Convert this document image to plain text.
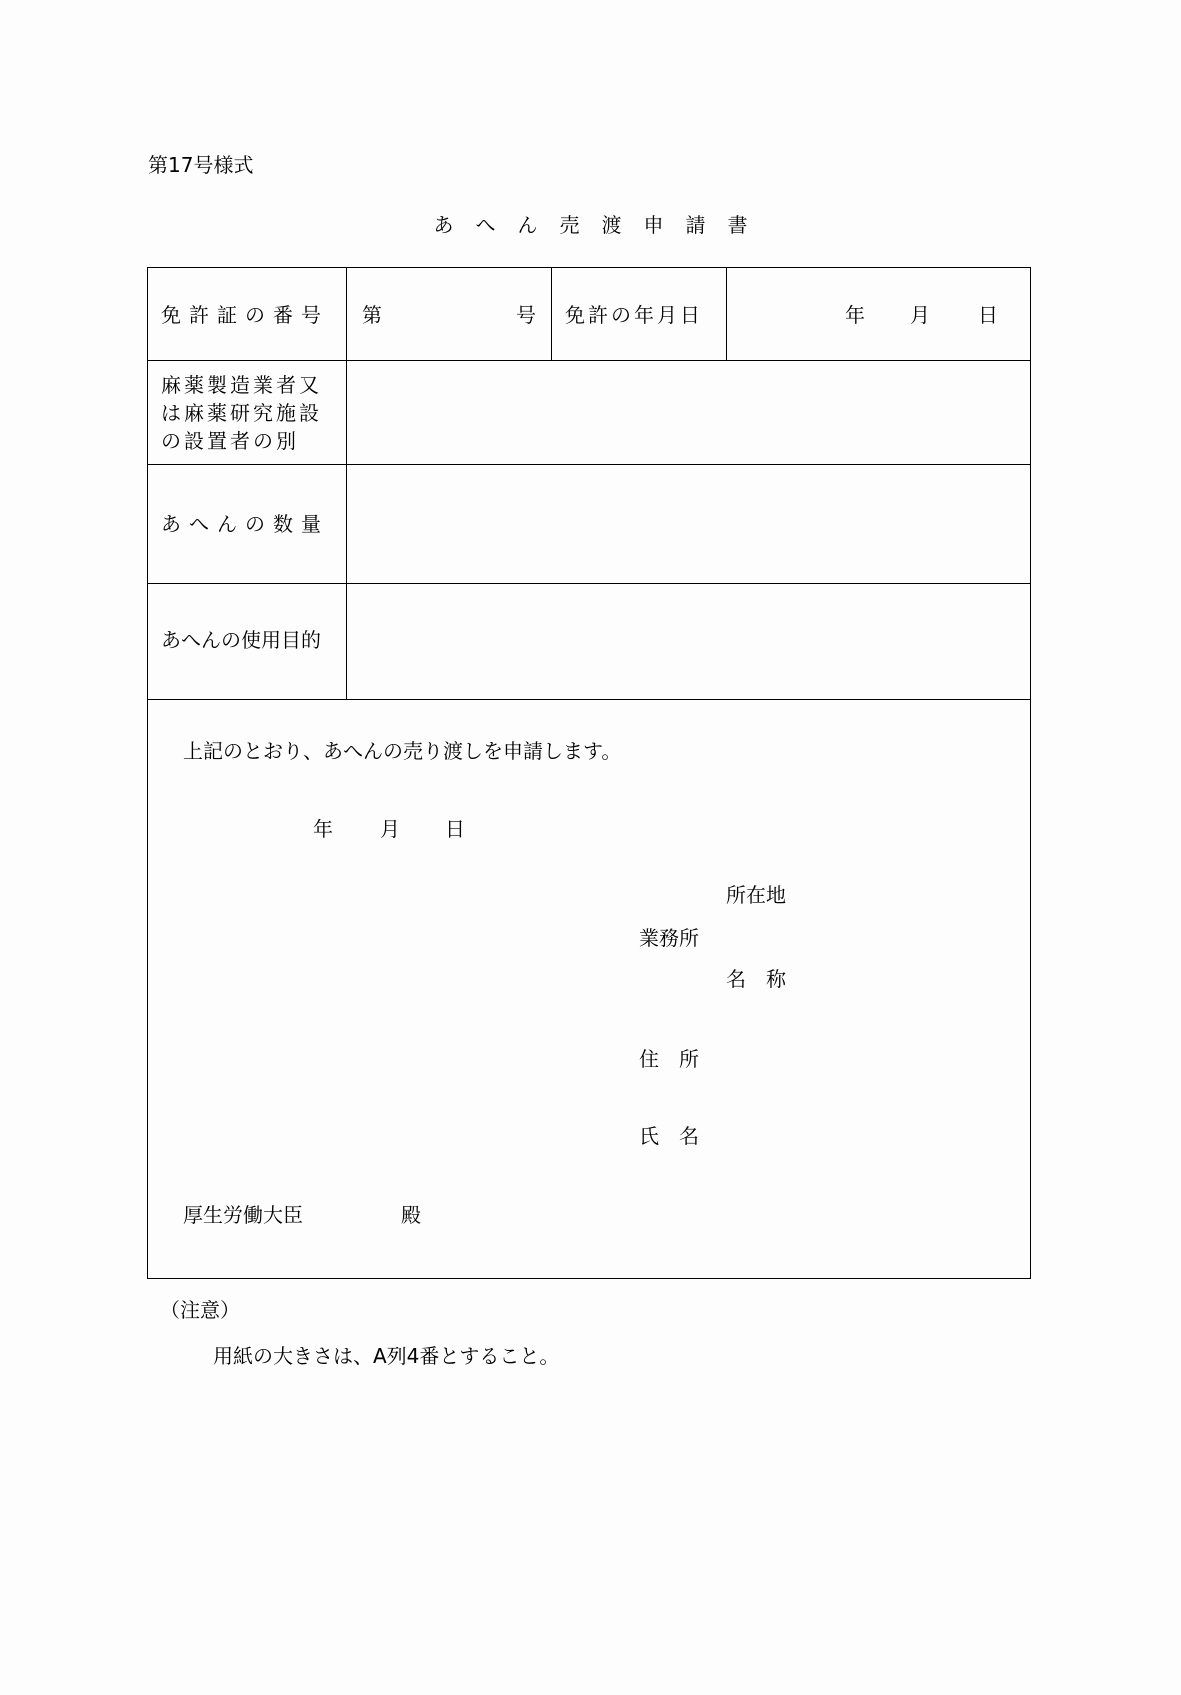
第17号様式
あへん売渡申請書
免許証の番号 第	号 免許の年月日	年 月 日
麻薬製造業者又
は麻薬研究施設
の設置者の別
あへんの数量
あへんの使用目的
上記のとおり、あへんの売り渡しを申請します。
年 月 日
所在地
業務所
名　称
住　所
氏　名
厚生労働大臣	殿
（注意）
用紙の大きさは、A列4番とすること。
